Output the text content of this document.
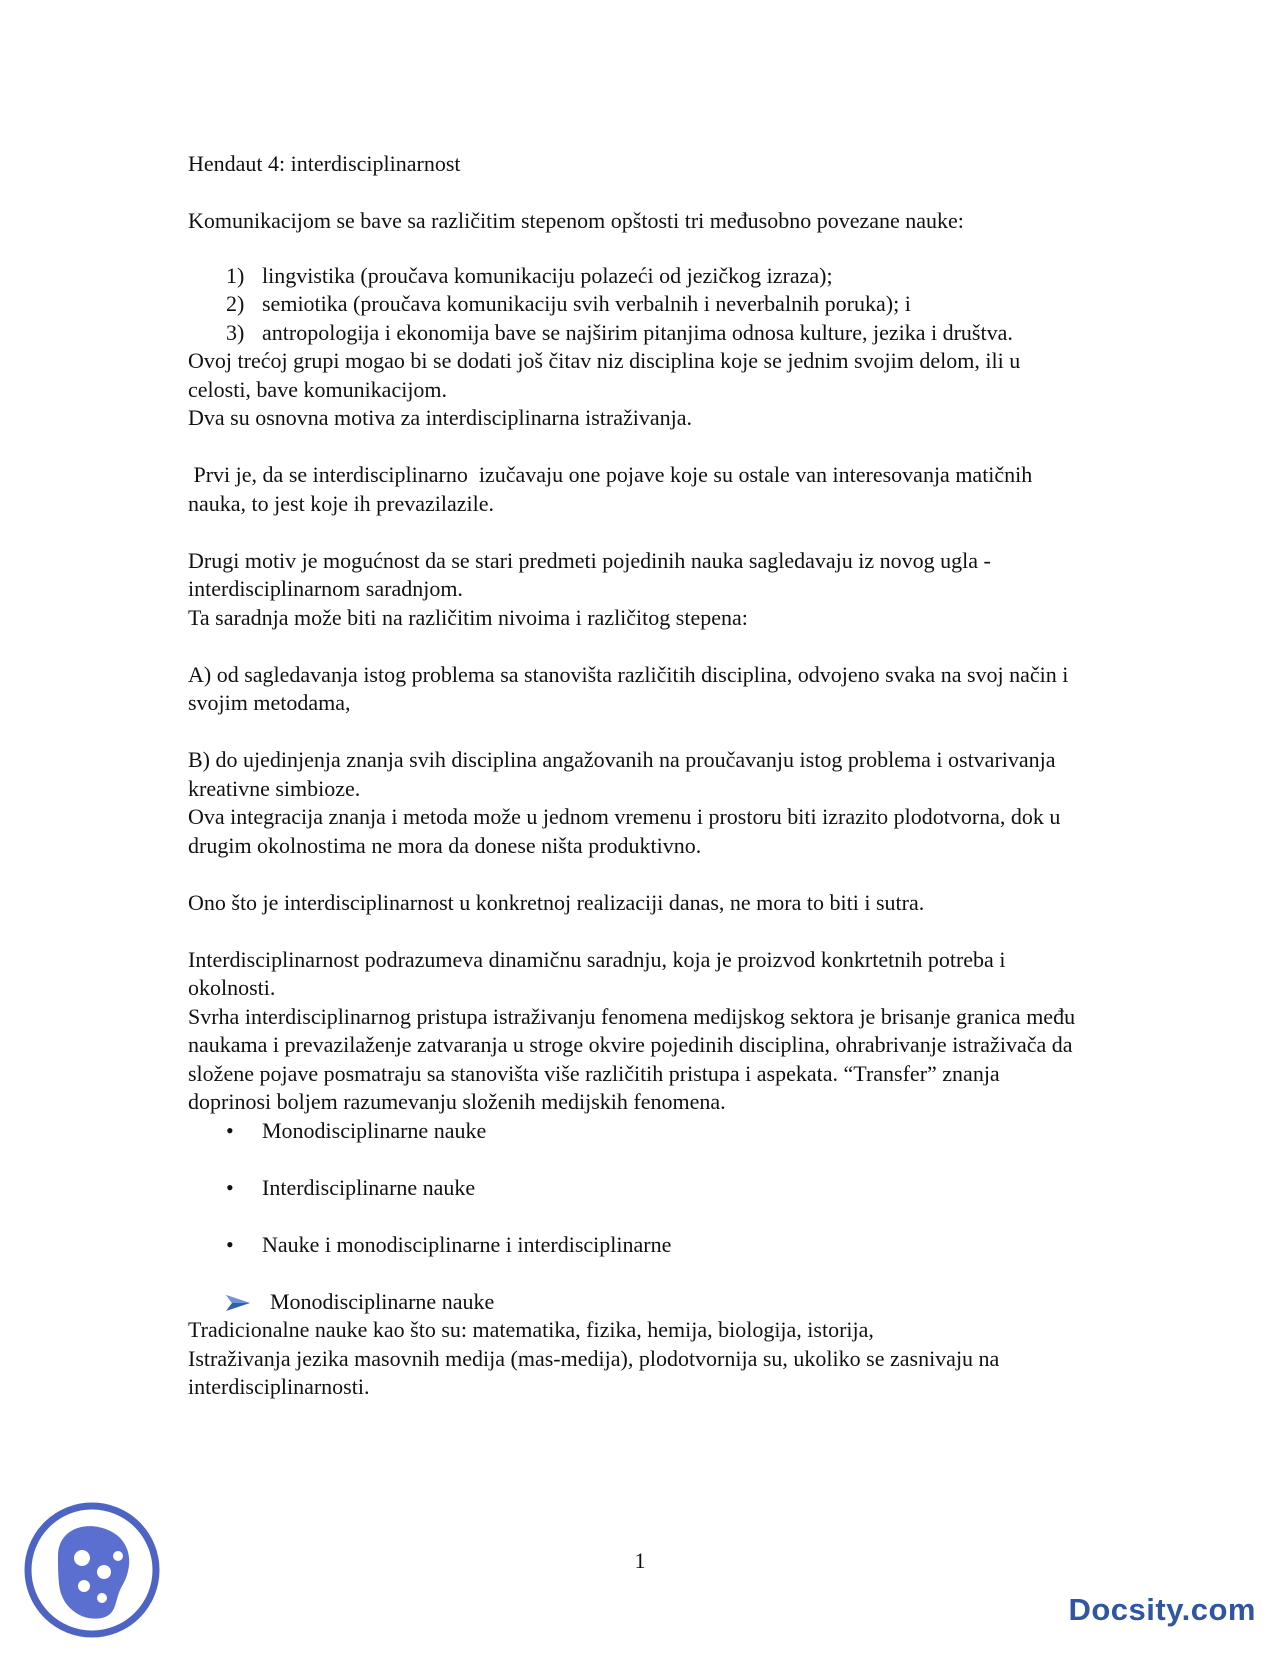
Hendaut 4: interdisciplinarnost

Komunikacijom se bave sa različitim stepenom opštosti tri međusobno povezane nauke:

1) lingvistika (proučava komunikaciju polazeći od jezičkog izraza);
2) semiotika (proučava komunikaciju svih verbalnih i neverbalnih poruka); i
3) antropologija i ekonomija bave se najširim pitanjima odnosa kulture, jezika i društva.

Ovoj trećoj grupi mogao bi se dodati još čitav niz disciplina koje se jednim svojim delom, ili u celosti, bave komunikacijom.

Dva su osnovna motiva za interdisciplinarna istraživanja.

Prvi je, da se interdisciplinarno  izučavaju one pojave koje su ostale van interesovanja matičnih nauka, to jest koje ih prevazilazile.

Drugi motiv je mogućnost da se stari predmeti pojedinih nauka sagledavaju iz novog ugla - interdisciplinarnom saradnjom.

Ta saradnja može biti na različitim nivoima i različitog stepena:

A) od sagledavanja istog problema sa stanovišta različitih disciplina, odvojeno svaka na svoj način i svojim metodama,

B) do ujedinjenja znanja svih disciplina angažovanih na proučavanju istog problema i ostvarivanja kreativne simbioze.

Ova integracija znanja i metoda može u jednom vremenu i prostoru biti izrazito plodotvorna, dok u drugim okolnostima ne mora da donese ništa produktivno.

Ono što je interdisciplinarnost u konkretnoj realizaciji danas, ne mora to biti i sutra.

Interdisciplinarnost podrazumeva dinamičnu saradnju, koja je proizvod konkrtetnih potreba i okolnosti.

Svrha interdisciplinarnog pristupa istraživanju fenomena medijskog sektora je brisanje granica među naukama i prevazilaženje zatvaranja u stroge okvire pojedinih disciplina, ohrabrivanje istraživača da složene pojave posmatraju sa stanovišta više različitih pristupa i aspekata. “Transfer” znanja doprinosi boljem razumevanju složenih medijskih fenomena.

• Monodisciplinarne nauke
• Interdisciplinarne nauke
• Nauke i monodisciplinarne i interdisciplinarne

Monodisciplinarne nauke

Tradicionalne nauke kao što su: matematika, fizika, hemija, biologija, istorija,

Istraživanja jezika masovnih medija (mas-medija), plodotvornija su, ukoliko se zasnivaju na interdisciplinarnosti.

1
Docsity.com
